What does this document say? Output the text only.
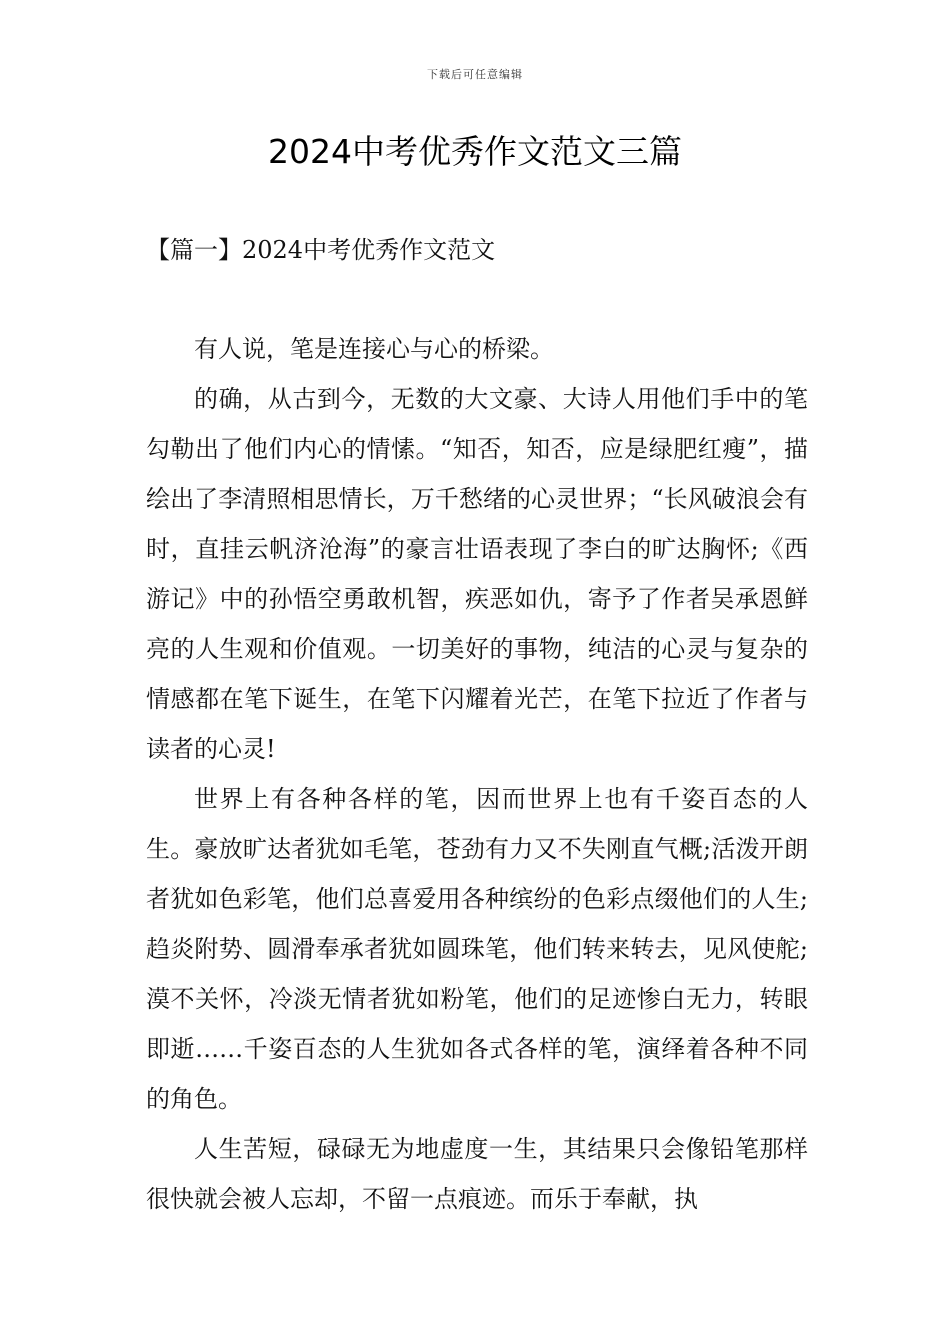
下载后可任意编辑
2024中考优秀作文范文三篇
【篇一】2024中考优秀作文范文

有人说，笔是连接心与心的桥梁。

的确，从古到今，无数的大文豪、大诗人用他们手中的笔勾勒出了他们内心的情愫。“知否，知否，应是绿肥红瘦”，描绘出了李清照相思情长，万千愁绪的心灵世界；“长风破浪会有时，直挂云帆济沧海”的豪言壮语表现了李白的旷达胸怀;《西游记》中的孙悟空勇敢机智，疾恶如仇，寄予了作者吴承恩鲜亮的人生观和价值观。一切美好的事物，纯洁的心灵与复杂的情感都在笔下诞生，在笔下闪耀着光芒，在笔下拉近了作者与读者的心灵!

世界上有各种各样的笔，因而世界上也有千姿百态的人生。豪放旷达者犹如毛笔，苍劲有力又不失刚直气概;活泼开朗者犹如色彩笔，他们总喜爱用各种缤纷的色彩点缀他们的人生;趋炎附势、圆滑奉承者犹如圆珠笔，他们转来转去，见风使舵;漠不关怀，冷淡无情者犹如粉笔，他们的足迹惨白无力，转眼即逝……千姿百态的人生犹如各式各样的笔，演绎着各种不同的角色。

人生苦短，碌碌无为地虚度一生，其结果只会像铅笔那样很快就会被人忘却，不留一点痕迹。而乐于奉献，执
